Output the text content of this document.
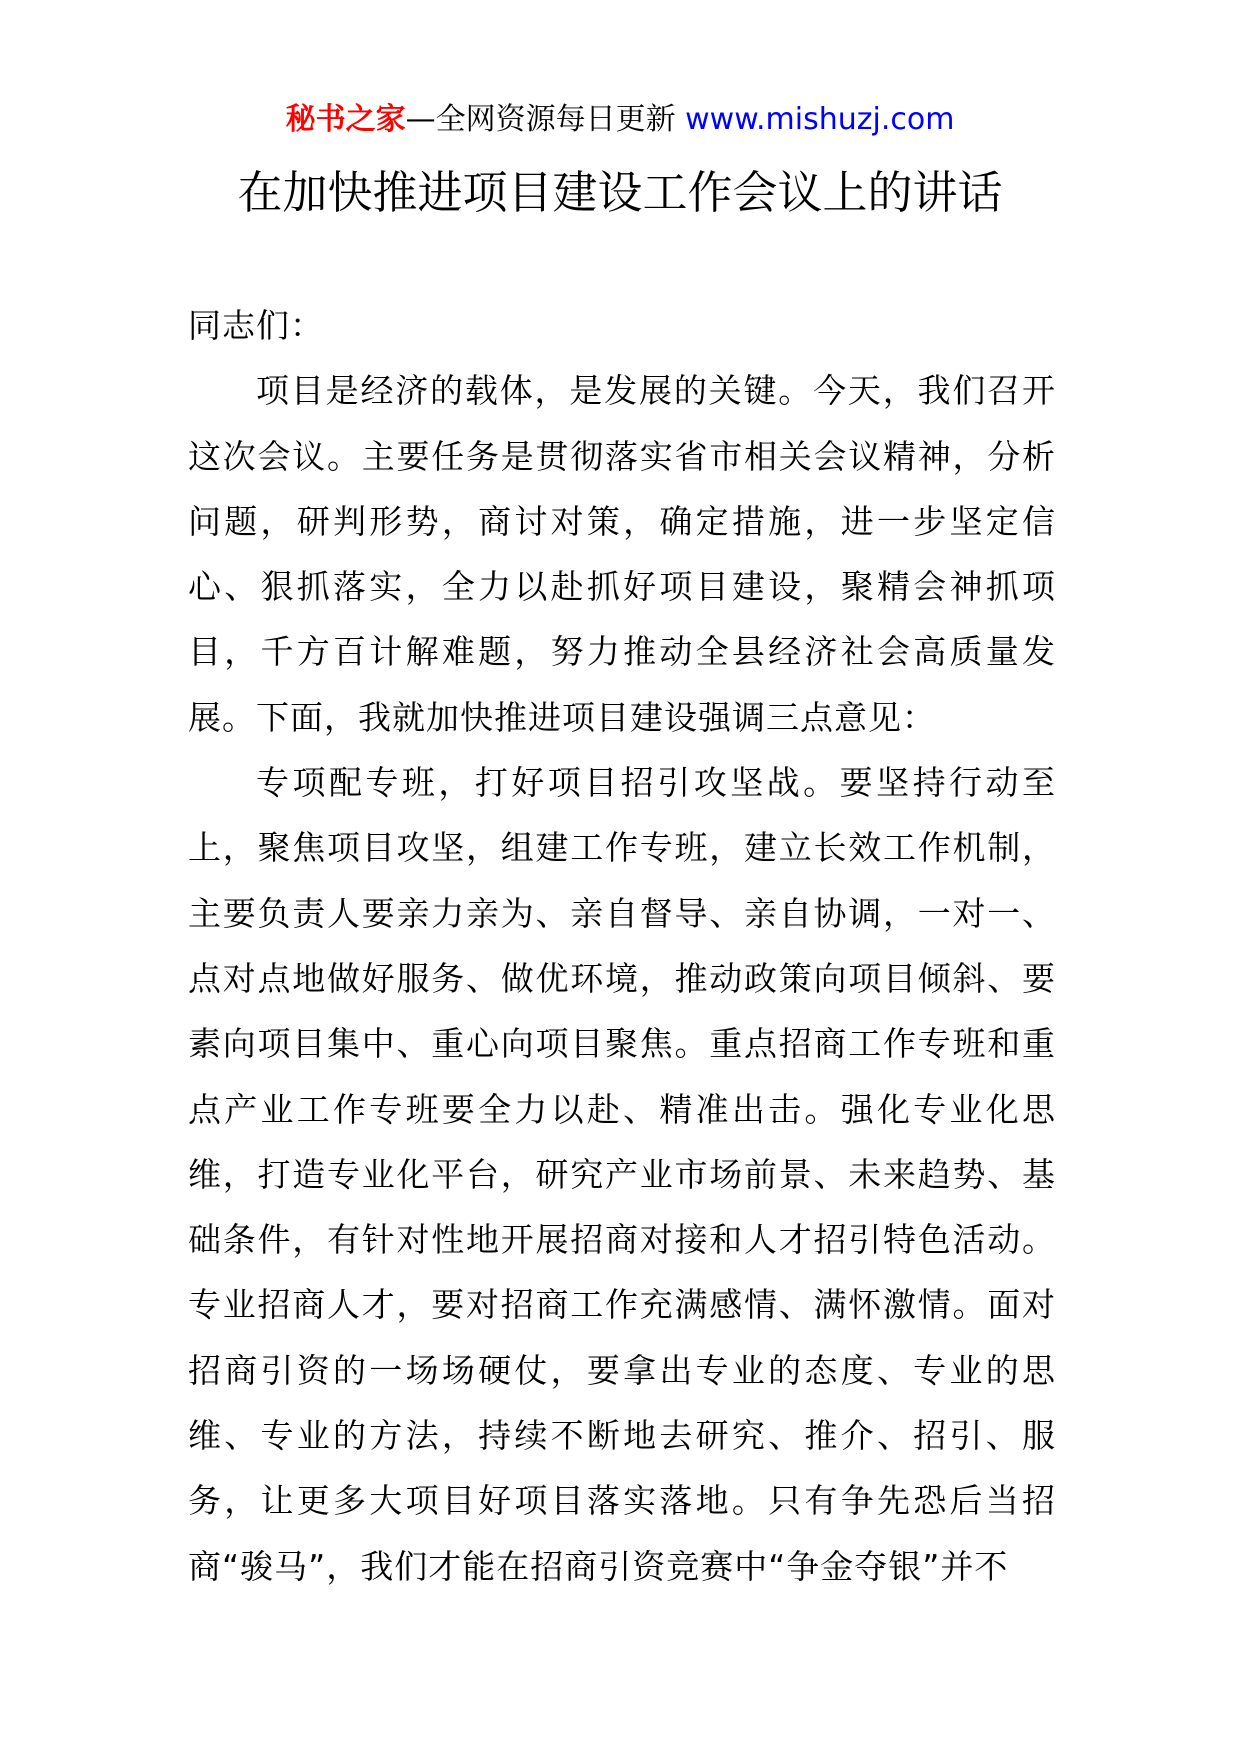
秘书之家—全网资源每日更新 www.mishuzj.com
在加快推进项目建设工作会议上的讲话

同志们：

项目是经济的载体，是发展的关键。今天，我们召开这次会议。主要任务是贯彻落实省市相关会议精神，分析问题，研判形势，商讨对策，确定措施，进一步坚定信心、狠抓落实，全力以赴抓好项目建设，聚精会神抓项目，千方百计解难题，努力推动全县经济社会高质量发展。下面，我就加快推进项目建设强调三点意见：

专项配专班，打好项目招引攻坚战。要坚持行动至上，聚焦项目攻坚，组建工作专班，建立长效工作机制，主要负责人要亲力亲为、亲自督导、亲自协调，一对一、点对点地做好服务、做优环境，推动政策向项目倾斜、要素向项目集中、重心向项目聚焦。重点招商工作专班和重点产业工作专班要全力以赴、精准出击。强化专业化思维，打造专业化平台，研究产业市场前景、未来趋势、基础条件，有针对性地开展招商对接和人才招引特色活动。专业招商人才，要对招商工作充满感情、满怀激情。面对招商引资的一场场硬仗，要拿出专业的态度、专业的思维、专业的方法，持续不断地去研究、推介、招引、服务，让更多大项目好项目落实落地。只有争先恐后当招商“骏马”，我们才能在招商引资竞赛中“争金夺银”并不
